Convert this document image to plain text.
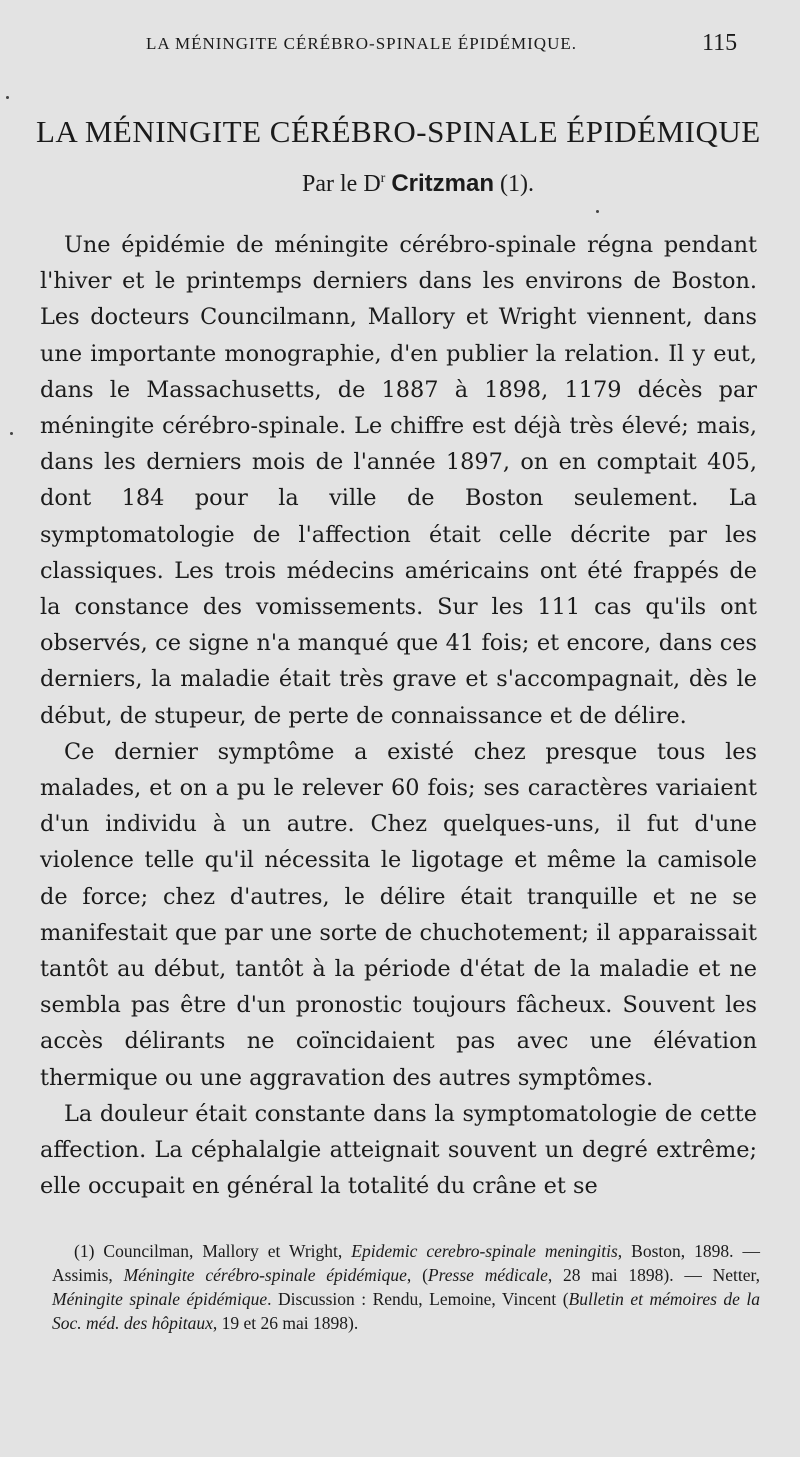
LA MÉNINGITE CÉRÉBRO-SPINALE ÉPIDÉMIQUE.	115
LA MÉNINGITE CÉRÉBRO-SPINALE ÉPIDÉMIQUE
Par le $D^r$ Critzman (1).

Une épidémie de méningite cérébro-spinale régna pendant l'hiver et le printemps derniers dans les environs de Boston. Les docteurs Councilmann, Mallory et Wright viennent, dans une importante monographie, d'en publier la relation. Il y eut, dans le Massachusetts, de 1887 à 1898, 1179 décès par méningite cérébro-spinale. Le chiffre est déjà très élevé; mais, dans les derniers mois de l'année 1897, on en comptait 405, dont 184 pour la ville de Boston seulement. La symptomatologie de l'affection était celle décrite par les classiques. Les trois médecins américains ont été frappés de la constance des vomissements. Sur les 111 cas qu'ils ont observés, ce signe n'a manqué que 41 fois; et encore, dans ces derniers, la maladie était très grave et s'accompagnait, dès le début, de stupeur, de perte de connaissance et de délire.

Ce dernier symptôme a existé chez presque tous les malades, et on a pu le relever 60 fois; ses caractères variaient d'un individu à un autre. Chez quelques-uns, il fut d'une violence telle qu'il nécessita le ligotage et même la camisole de force; chez d'autres, le délire était tranquille et ne se manifestait que par une sorte de chuchotement; il apparaissait tantôt au début, tantôt à la période d'état de la maladie et ne sembla pas être d'un pronostic toujours fâcheux. Souvent les accès délirants ne coïncidaient pas avec une élévation thermique ou une aggravation des autres symptômes.

La douleur était constante dans la symptomatologie de cette affection. La céphalalgie atteignait souvent un degré extrême; elle occupait en général la totalité du crâne et se

(1) Councilman, Mallory et Wright, Epidemic cerebro-spinale meningitis, Boston, 1898. — Assimis, Méningite cérébro-spinale épidémique, (Presse médicale, 28 mai 1898). — Netter, Méningite spinale épidémique. Discussion : Rendu, Lemoine, Vincent (Bulletin et mémoires de la Soc. méd. des hôpitaux, 19 et 26 mai 1898).
